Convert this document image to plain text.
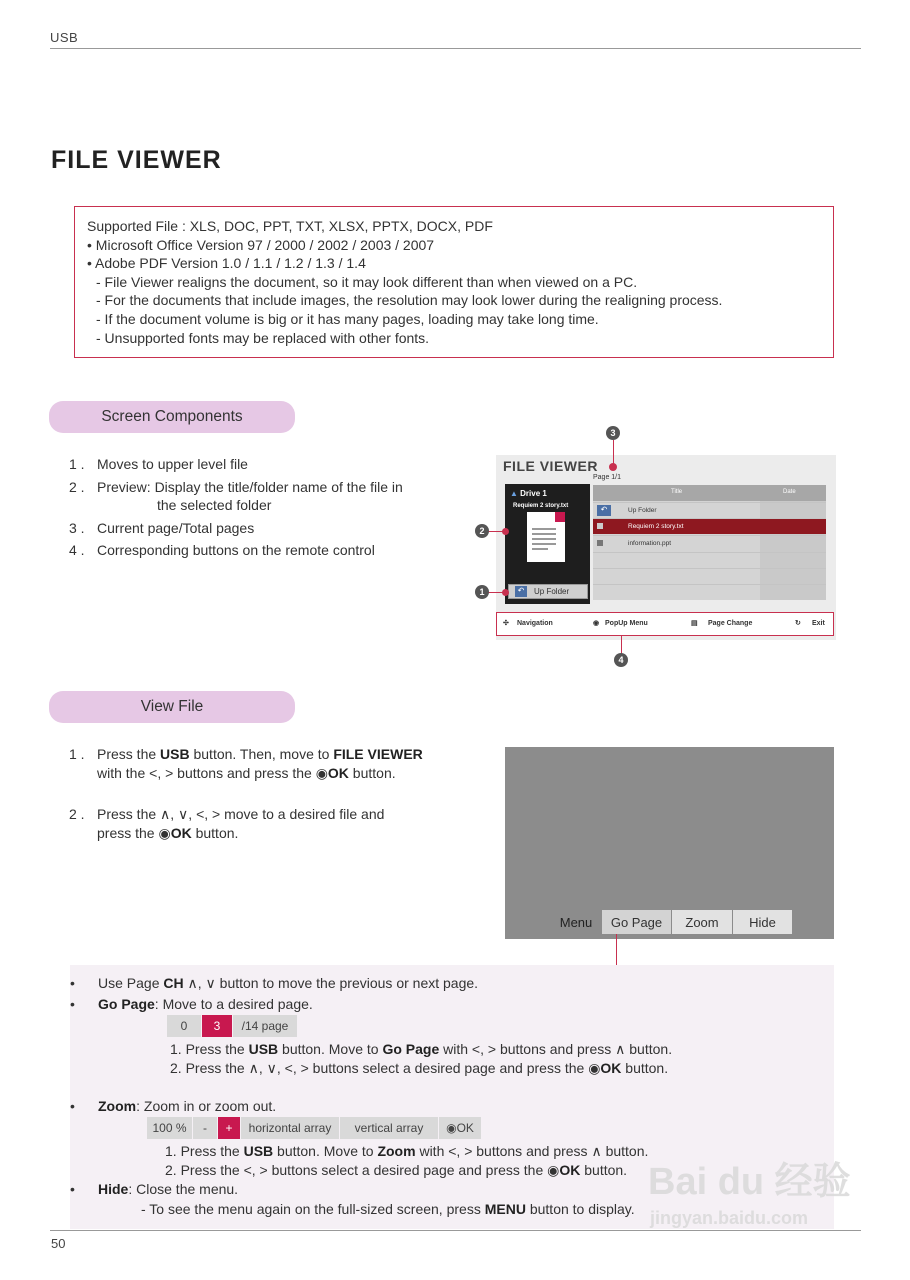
USB
FILE VIEWER
Supported File : XLS, DOC, PPT, TXT, XLSX, PPTX, DOCX, PDF
• Microsoft Office Version 97 / 2000 / 2002 / 2003 / 2007
• Adobe PDF Version 1.0 / 1.1 / 1.2 / 1.3 / 1.4
- File Viewer realigns the document, so it may look different than when viewed on a PC.
- For the documents that include images, the resolution may look lower during the realigning process.
- If the document volume is big or it has many pages, loading may take long time.
- Unsupported fonts may be replaced with other fonts.
Screen Components
1 . Moves to upper level file
2 . Preview: Display the title/folder name of the file in
the selected folder
3 . Current page/Total pages
4 . Corresponding buttons on the remote control
FILE VIEWER
Page 1/1
▲ Drive 1
Requiem 2 story.txt
↶	Up Folder
Title	Date
↶	Up Folder
Requiem 2 story.txt
information.ppt
✣ Navigation	◉ PopUp Menu	▤ Page Change	↻ Exit
3
2
1
4
View File
1 . Press the USB button. Then, move to FILE VIEWER
with the <, > buttons and press the ◉OK button.
2 . Press the ∧, ∨, <, > move to a desired file and
press the ◉OK button.
Menu	Go Page	Zoom	Hide
• Use Page CH ∧, ∨ button to move the previous or next page.
• Go Page: Move to a desired page.
0	3	/14 page
1. Press the USB button. Move to Go Page with <, > buttons and press ∧ button.
2. Press the ∧, ∨, <, > buttons select a desired page and press the ◉OK button.
• Zoom: Zoom in or zoom out.
100 %	-	+	horizontal array	vertical array	◉ OK
1. Press the USB button. Move to Zoom with <, > buttons and press ∧ button.
2. Press the <, > buttons select a desired page and press the ◉OK button.
• Hide: Close the menu.
- To see the menu again on the full-sized screen, press MENU button to display.
Bai du 经验
jingyan.baidu.com
50
